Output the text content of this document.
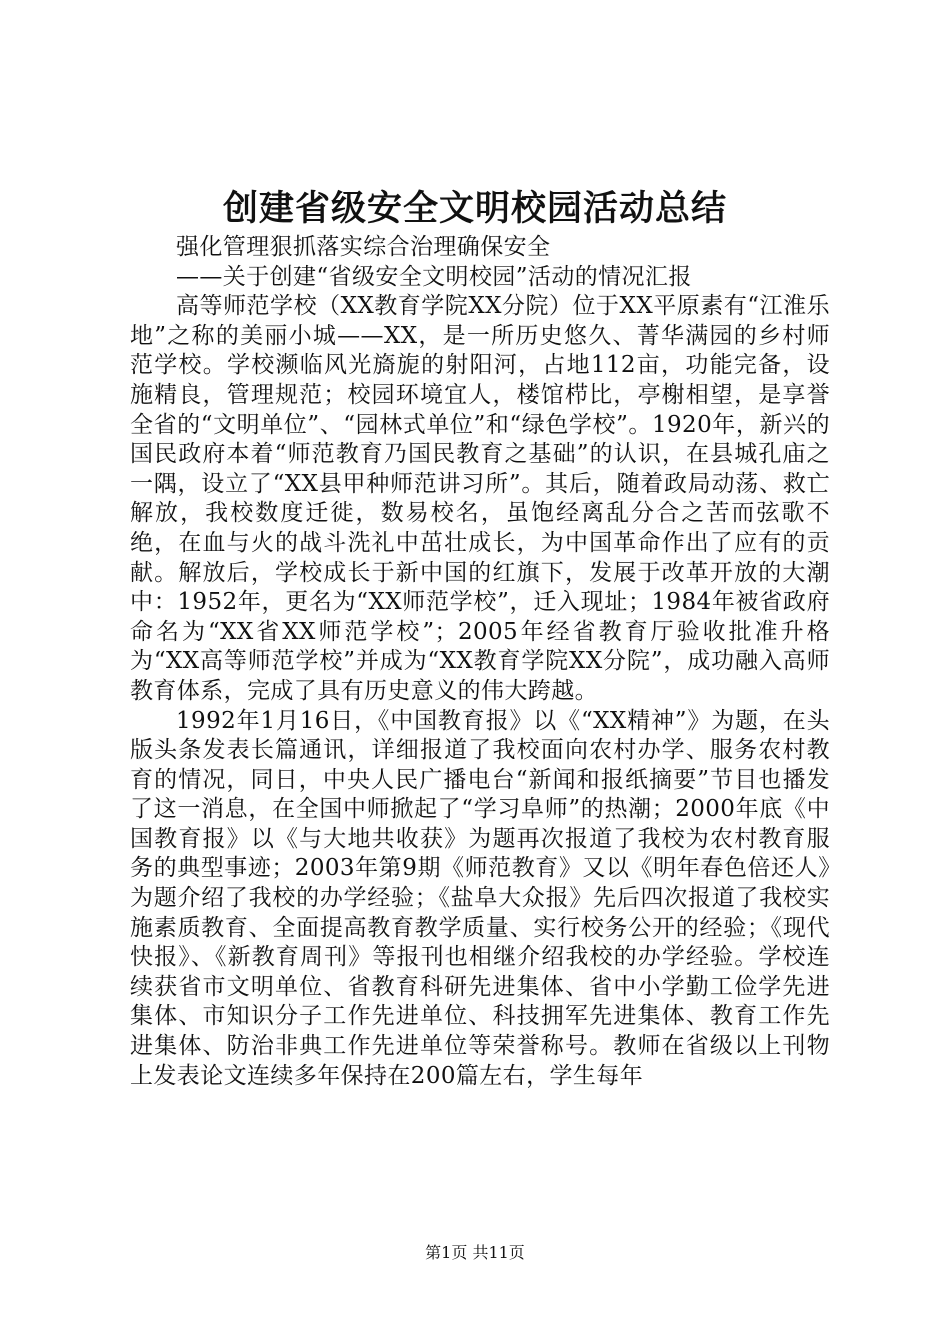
创建省级安全文明校园活动总结

强化管理狠抓落实综合治理确保安全

——关于创建“省级安全文明校园”活动的情况汇报

高等师范学校（XX教育学院XX分院）位于XX平原素有“江淮乐地”之称的美丽小城——XX，是一所历史悠久、菁华满园的乡村师范学校。学校濒临风光旖旎的射阳河，占地112亩，功能完备，设施精良，管理规范；校园环境宜人，楼馆栉比，亭榭相望，是享誉全省的“文明单位”、“园林式单位”和“绿色学校”。1920年，新兴的国民政府本着“师范教育乃国民教育之基础”的认识，在县城孔庙之一隅，设立了“XX县甲种师范讲习所”。其后，随着政局动荡、救亡解放，我校数度迁徙，数易校名，虽饱经离乱分合之苦而弦歌不绝，在血与火的战斗洗礼中茁壮成长，为中国革命作出了应有的贡献。解放后，学校成长于新中国的红旗下，发展于改革开放的大潮中：1952年，更名为“XX师范学校”，迁入现址；1984年被省政府命名为“XX省XX师范学校”；2005年经省教育厅验收批准升格为“XX高等师范学校”并成为“XX教育学院XX分院”，成功融入高师教育体系，完成了具有历史意义的伟大跨越。

1992年1月16日，《中国教育报》以《“XX精神”》为题，在头版头条发表长篇通讯，详细报道了我校面向农村办学、服务农村教育的情况，同日，中央人民广播电台“新闻和报纸摘要”节目也播发了这一消息，在全国中师掀起了“学习阜师”的热潮；2000年底《中国教育报》以《与大地共收获》为题再次报道了我校为农村教育服务的典型事迹；2003年第9期《师范教育》又以《明年春色倍还人》为题介绍了我校的办学经验；《盐阜大众报》先后四次报道了我校实施素质教育、全面提高教育教学质量、实行校务公开的经验；《现代快报》、《新教育周刊》等报刊也相继介绍我校的办学经验。学校连续获省市文明单位、省教育科研先进集体、省中小学勤工俭学先进集体、市知识分子工作先进单位、科技拥军先进集体、教育工作先进集体、防治非典工作先进单位等荣誉称号。教师在省级以上刊物上发表论文连续多年保持在200篇左右，学生每年

第1页 共11页
